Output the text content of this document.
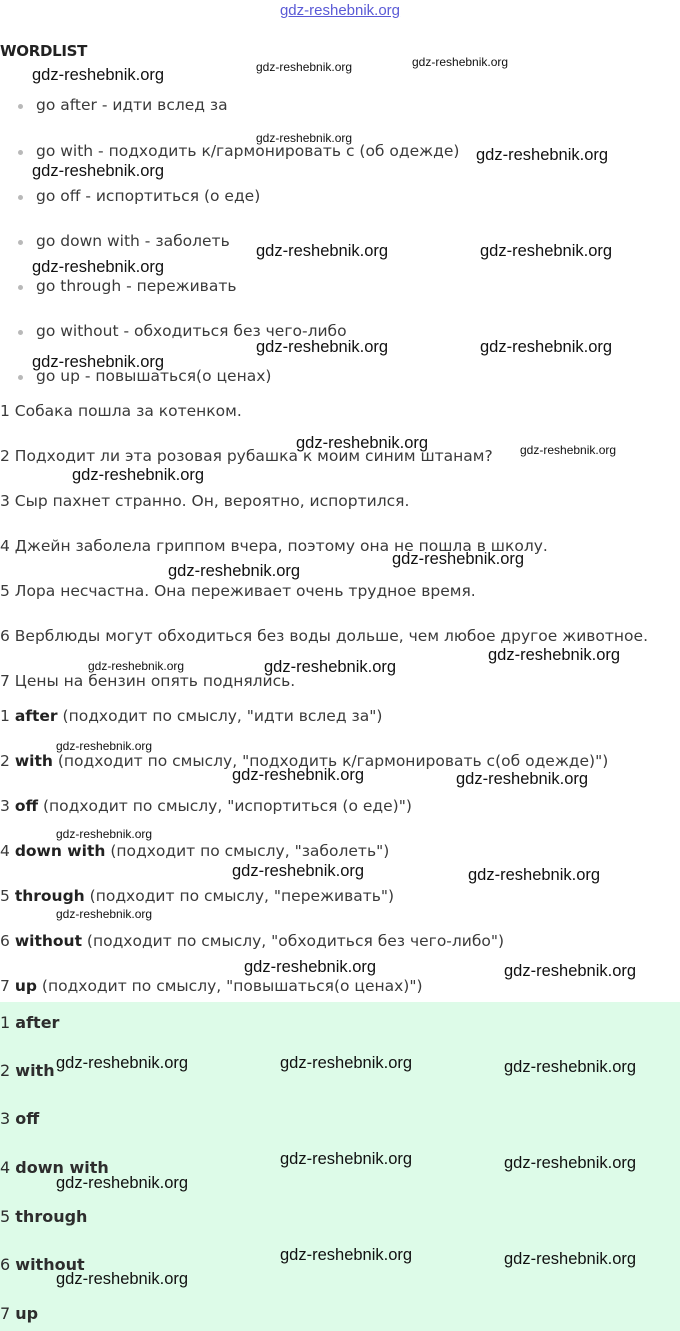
gdz-reshebnik.org
WORDLIST
go after - идти вслед за
go with - подходить к/гармонировать с (об одежде)
go off - испортиться (о еде)
go down with - заболеть
go through - переживать
go without - обходиться без чего-либо
go up - повышаться(о ценах)
1 Собака пошла за котенком.
2 Подходит ли эта розовая рубашка к моим синим штанам?
3 Сыр пахнет странно. Он, вероятно, испортился.
4 Джейн заболела гриппом вчера, поэтому она не пошла в школу.
5 Лора несчастна. Она переживает очень трудное время.
6 Верблюды могут обходиться без воды дольше, чем любое другое животное.
7 Цены на бензин опять поднялись.
1 after (подходит по смыслу, "идти вслед за")
2 with (подходит по смыслу, "подходить к/гармонировать с(об одежде)")
3 off (подходит по смыслу, "испортиться (о еде)")
4 down with (подходит по смыслу, "заболеть")
5 through (подходит по смыслу, "переживать")
6 without (подходит по смыслу, "обходиться без чего-либо")
7 up (подходит по смыслу, "повышаться(о ценах)")
1 after
2 with
3 off
4 down with
5 through
6 without
7 up
gdz-reshebnik.org	gdz-reshebnik.org	gdz-reshebnik.org
gdz-reshebnik.org
gdz-reshebnik.org
gdz-reshebnik.org
gdz-reshebnik.org	gdz-reshebnik.org
gdz-reshebnik.org
gdz-reshebnik.org	gdz-reshebnik.org
gdz-reshebnik.org
gdz-reshebnik.org	gdz-reshebnik.org
gdz-reshebnik.org
gdz-reshebnik.org
gdz-reshebnik.org
gdz-reshebnik.org
gdz-reshebnik.org	gdz-reshebnik.org
gdz-reshebnik.org
gdz-reshebnik.org	gdz-reshebnik.org
gdz-reshebnik.org
gdz-reshebnik.org	gdz-reshebnik.org
gdz-reshebnik.org
gdz-reshebnik.org	gdz-reshebnik.org
gdz-reshebnik.org	gdz-reshebnik.org	gdz-reshebnik.org
gdz-reshebnik.org	gdz-reshebnik.org
gdz-reshebnik.org
gdz-reshebnik.org	gdz-reshebnik.org
gdz-reshebnik.org
